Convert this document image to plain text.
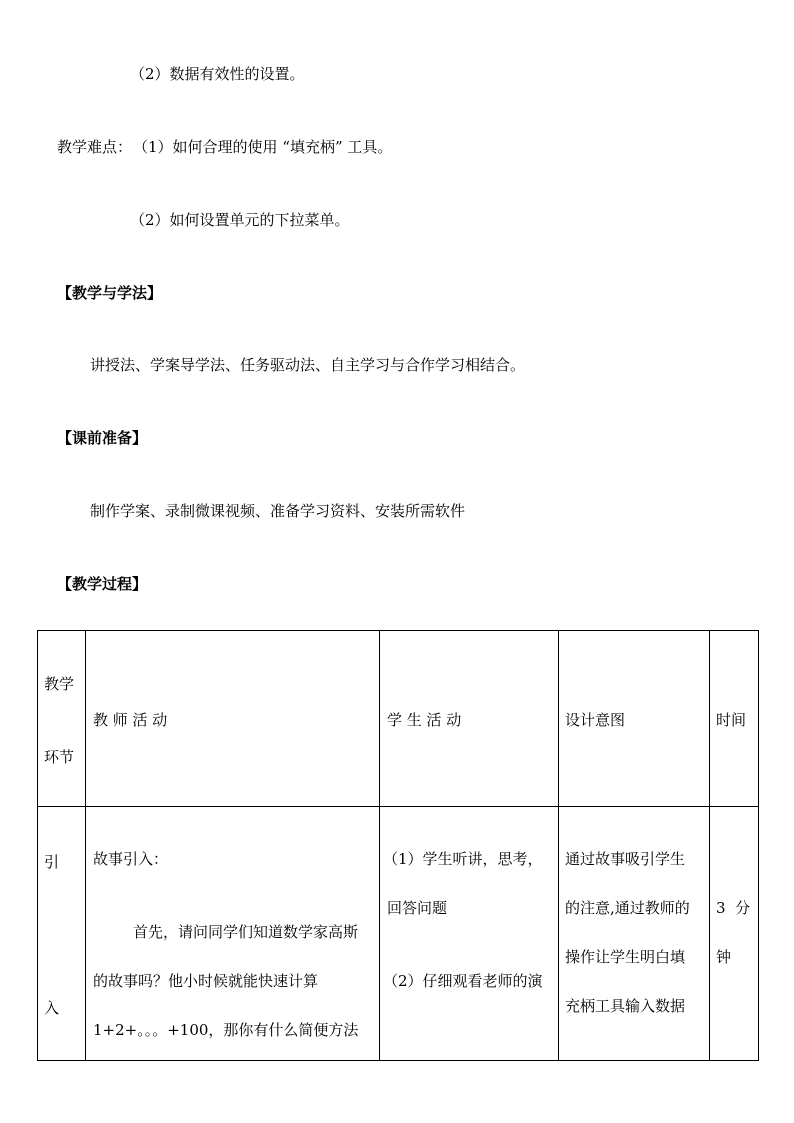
（2）数据有效性的设置。
教学难点： （1）如何合理的使用 “填充柄” 工具。
（2）如何设置单元的下拉菜单。
【教学与学法】
讲授法、学案导学法、任务驱动法、自主学习与合作学习相结合。
【课前准备】
制作学案、录制微课视频、准备学习资料、安装所需软件
【教学过程】
教学
环节	教 师 活 动	学 生 活 动	设计意图	时间

引
入	故事引入：
首先，请问同学们知道数学家高斯
的故事吗？他小时候就能快速计算
1+2+。。。+100，那你有什么简便方法	（1）学生听讲，思考，
回答问题
（2）仔细观看老师的演	通过故事吸引学生
的注意,通过教师的
操作让学生明白填
充柄工具输入数据	3  分
钟
